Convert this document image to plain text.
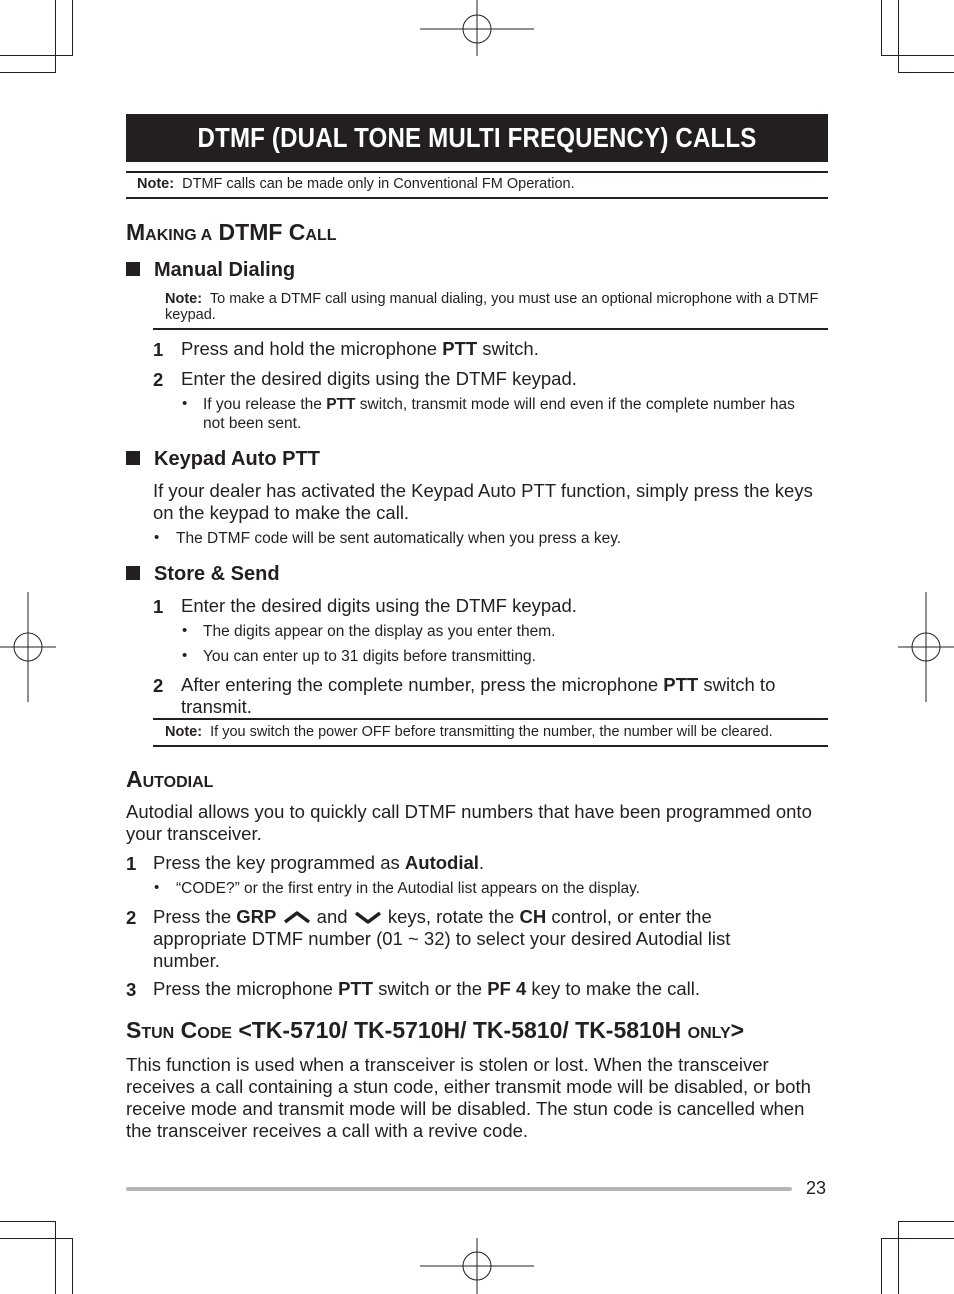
DTMF (DUAL TONE MULTI FREQUENCY) CALLS
Note: DTMF calls can be made only in Conventional FM Operation.
MAKING A DTMF CALL
Manual Dialing
Note: To make a DTMF call using manual dialing, you must use an optional microphone with a DTMF keypad.
1 Press and hold the microphone PTT switch.
2 Enter the desired digits using the DTMF keypad.
• If you release the PTT switch, transmit mode will end even if the complete number has not been sent.
Keypad Auto PTT
If your dealer has activated the Keypad Auto PTT function, simply press the keys on the keypad to make the call.
• The DTMF code will be sent automatically when you press a key.
Store & Send
1 Enter the desired digits using the DTMF keypad.
• The digits appear on the display as you enter them.
• You can enter up to 31 digits before transmitting.
2 After entering the complete number, press the microphone PTT switch to transmit.
Note: If you switch the power OFF before transmitting the number, the number will be cleared.
AUTODIAL
Autodial allows you to quickly call DTMF numbers that have been programmed onto your transceiver.
1 Press the key programmed as Autodial.
• “CODE?” or the first entry in the Autodial list appears on the display.
2 Press the GRP  and  keys, rotate the CH control, or enter the appropriate DTMF number (01 ~ 32) to select your desired Autodial list number.
3 Press the microphone PTT switch or the PF 4 key to make the call.
STUN CODE <TK-5710/ TK-5710H/ TK-5810/ TK-5810H ONLY>
This function is used when a transceiver is stolen or lost. When the transceiver receives a call containing a stun code, either transmit mode will be disabled, or both receive mode and transmit mode will be disabled. The stun code is cancelled when the transceiver receives a call with a revive code.
23
